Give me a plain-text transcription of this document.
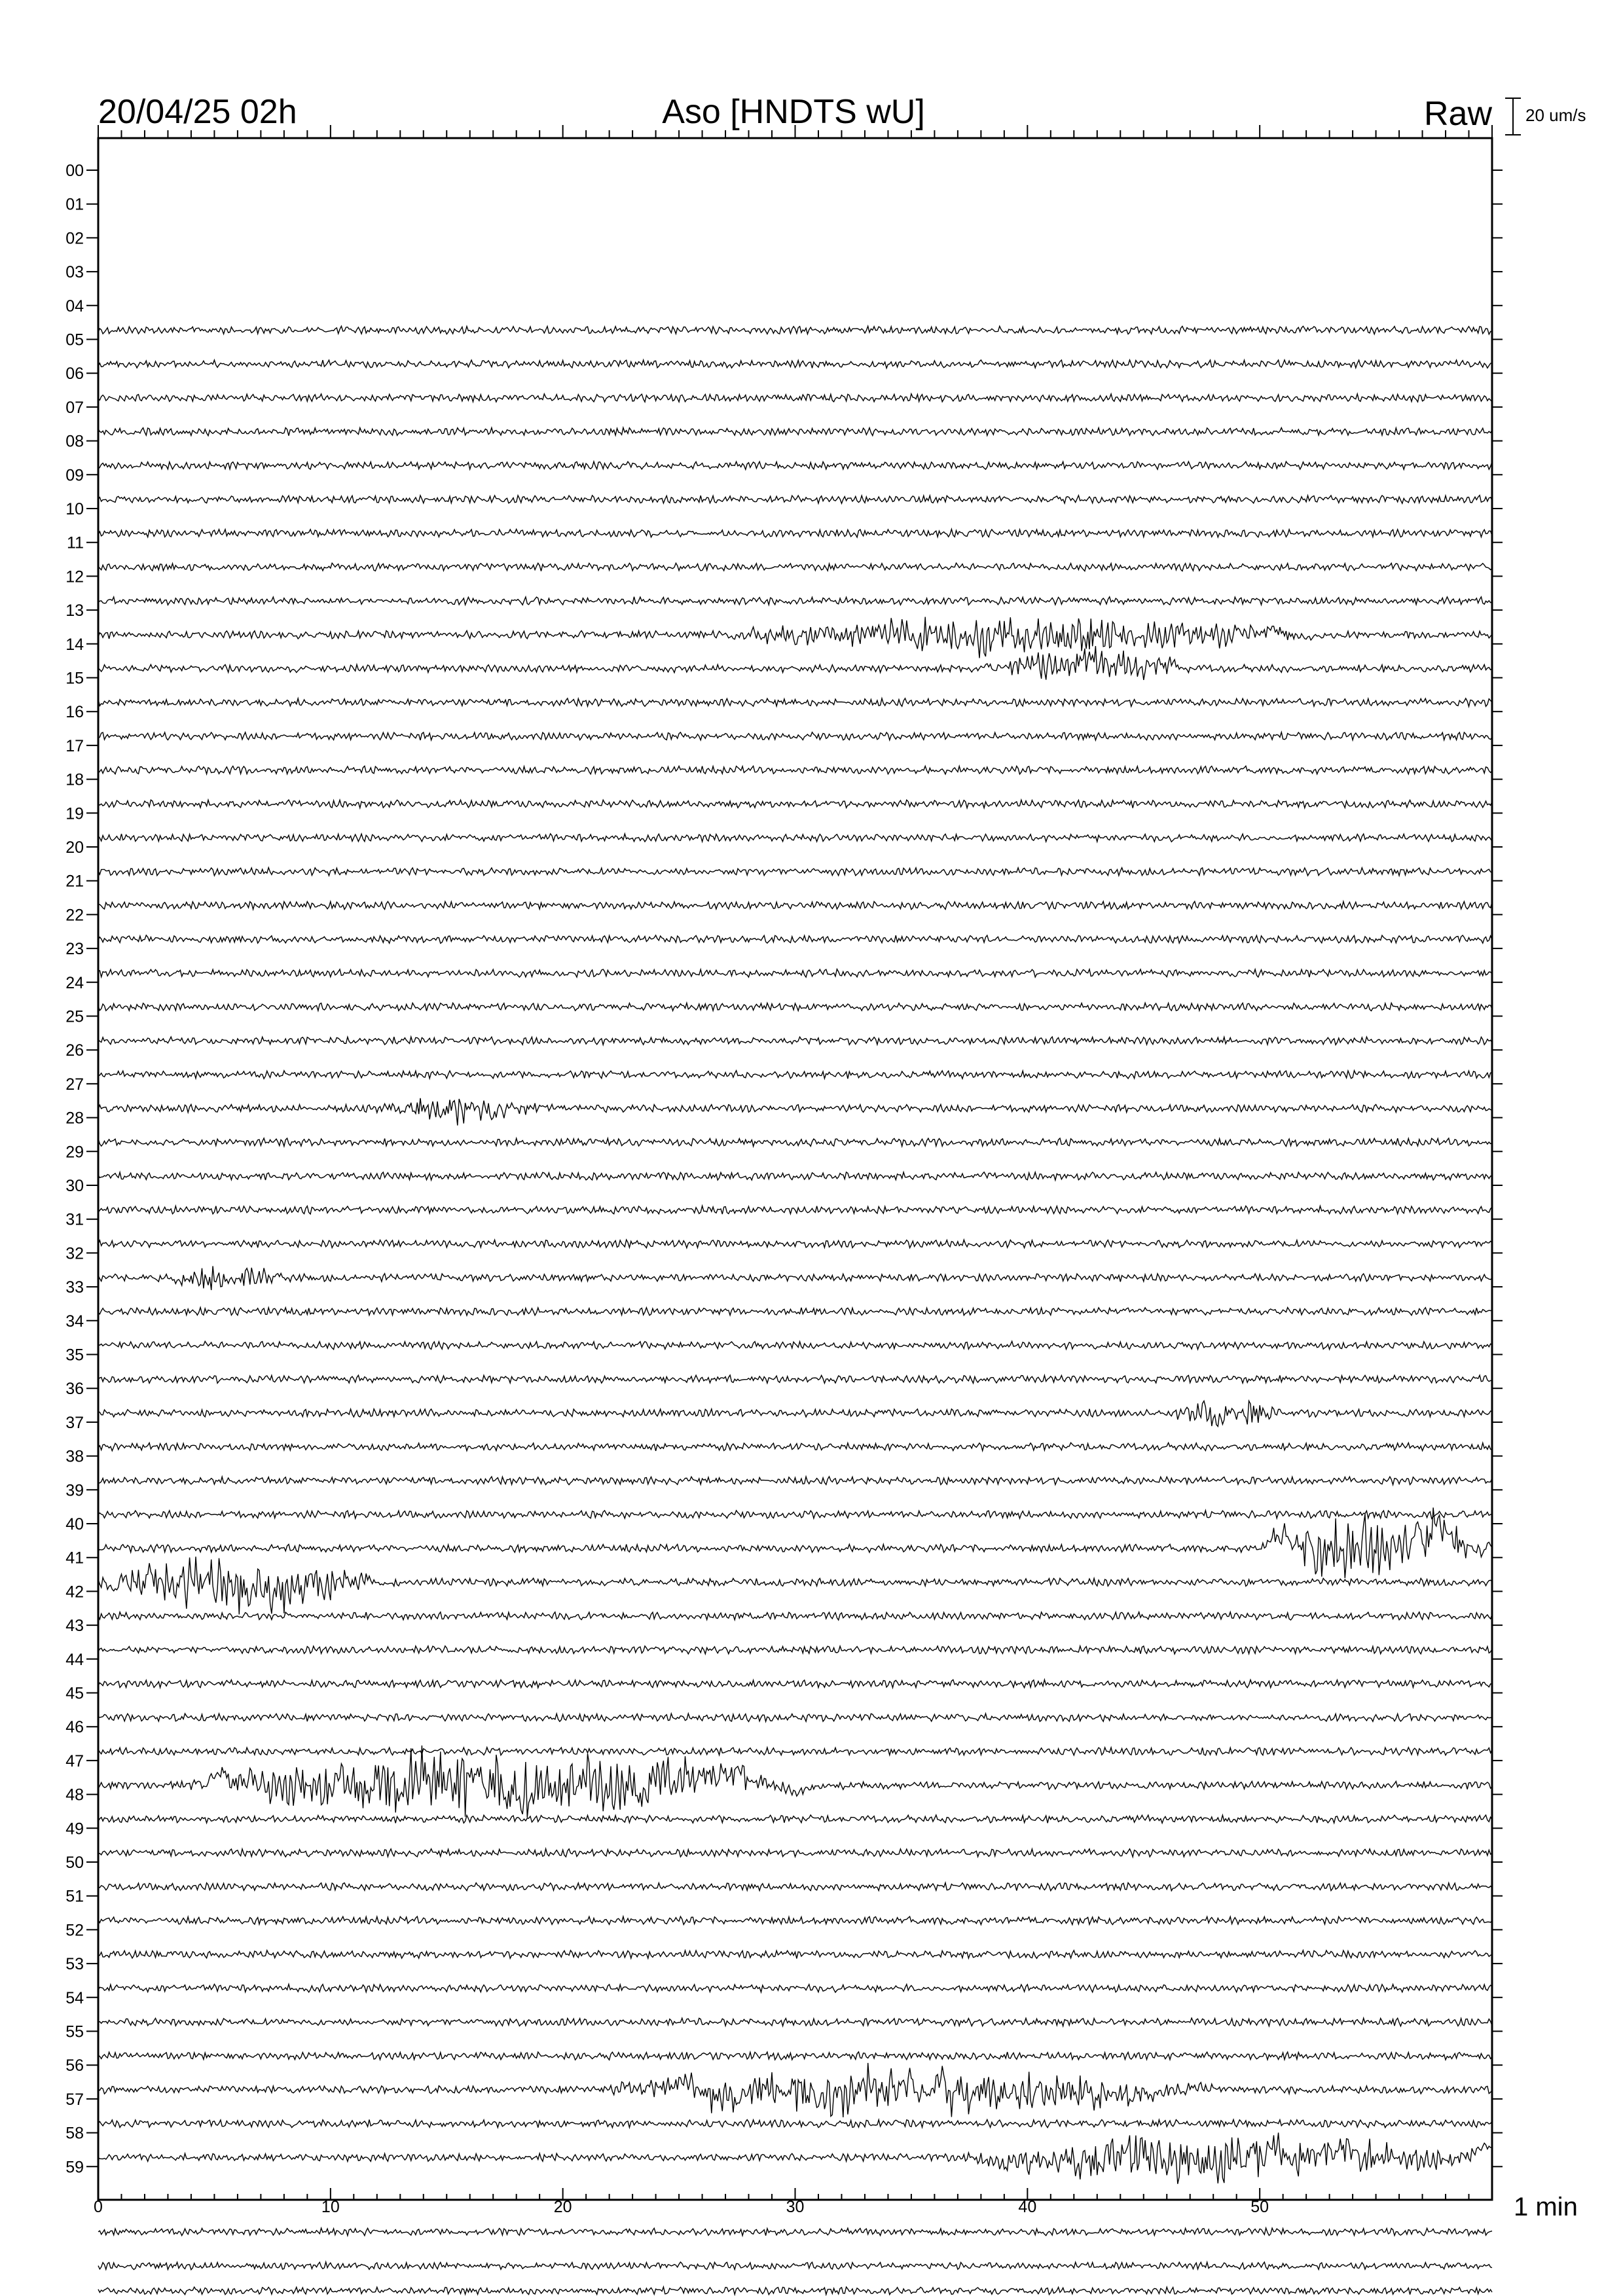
20/04/25 02h	Aso [HNDTS wU]	Raw 20 um/s
00
01
02
03
04
05
06
07
08
09
10
11
12
13
14
15
16
17
18
19
20
21
22
23
24
25
26
27
28
29
30
31
32
33
34
35
36
37
38
39
40
41
42
43
44
45
46
47
48
49
50
51
52
53
54
55
56
57
58
59
0	10	20	30	40	50	1 min
